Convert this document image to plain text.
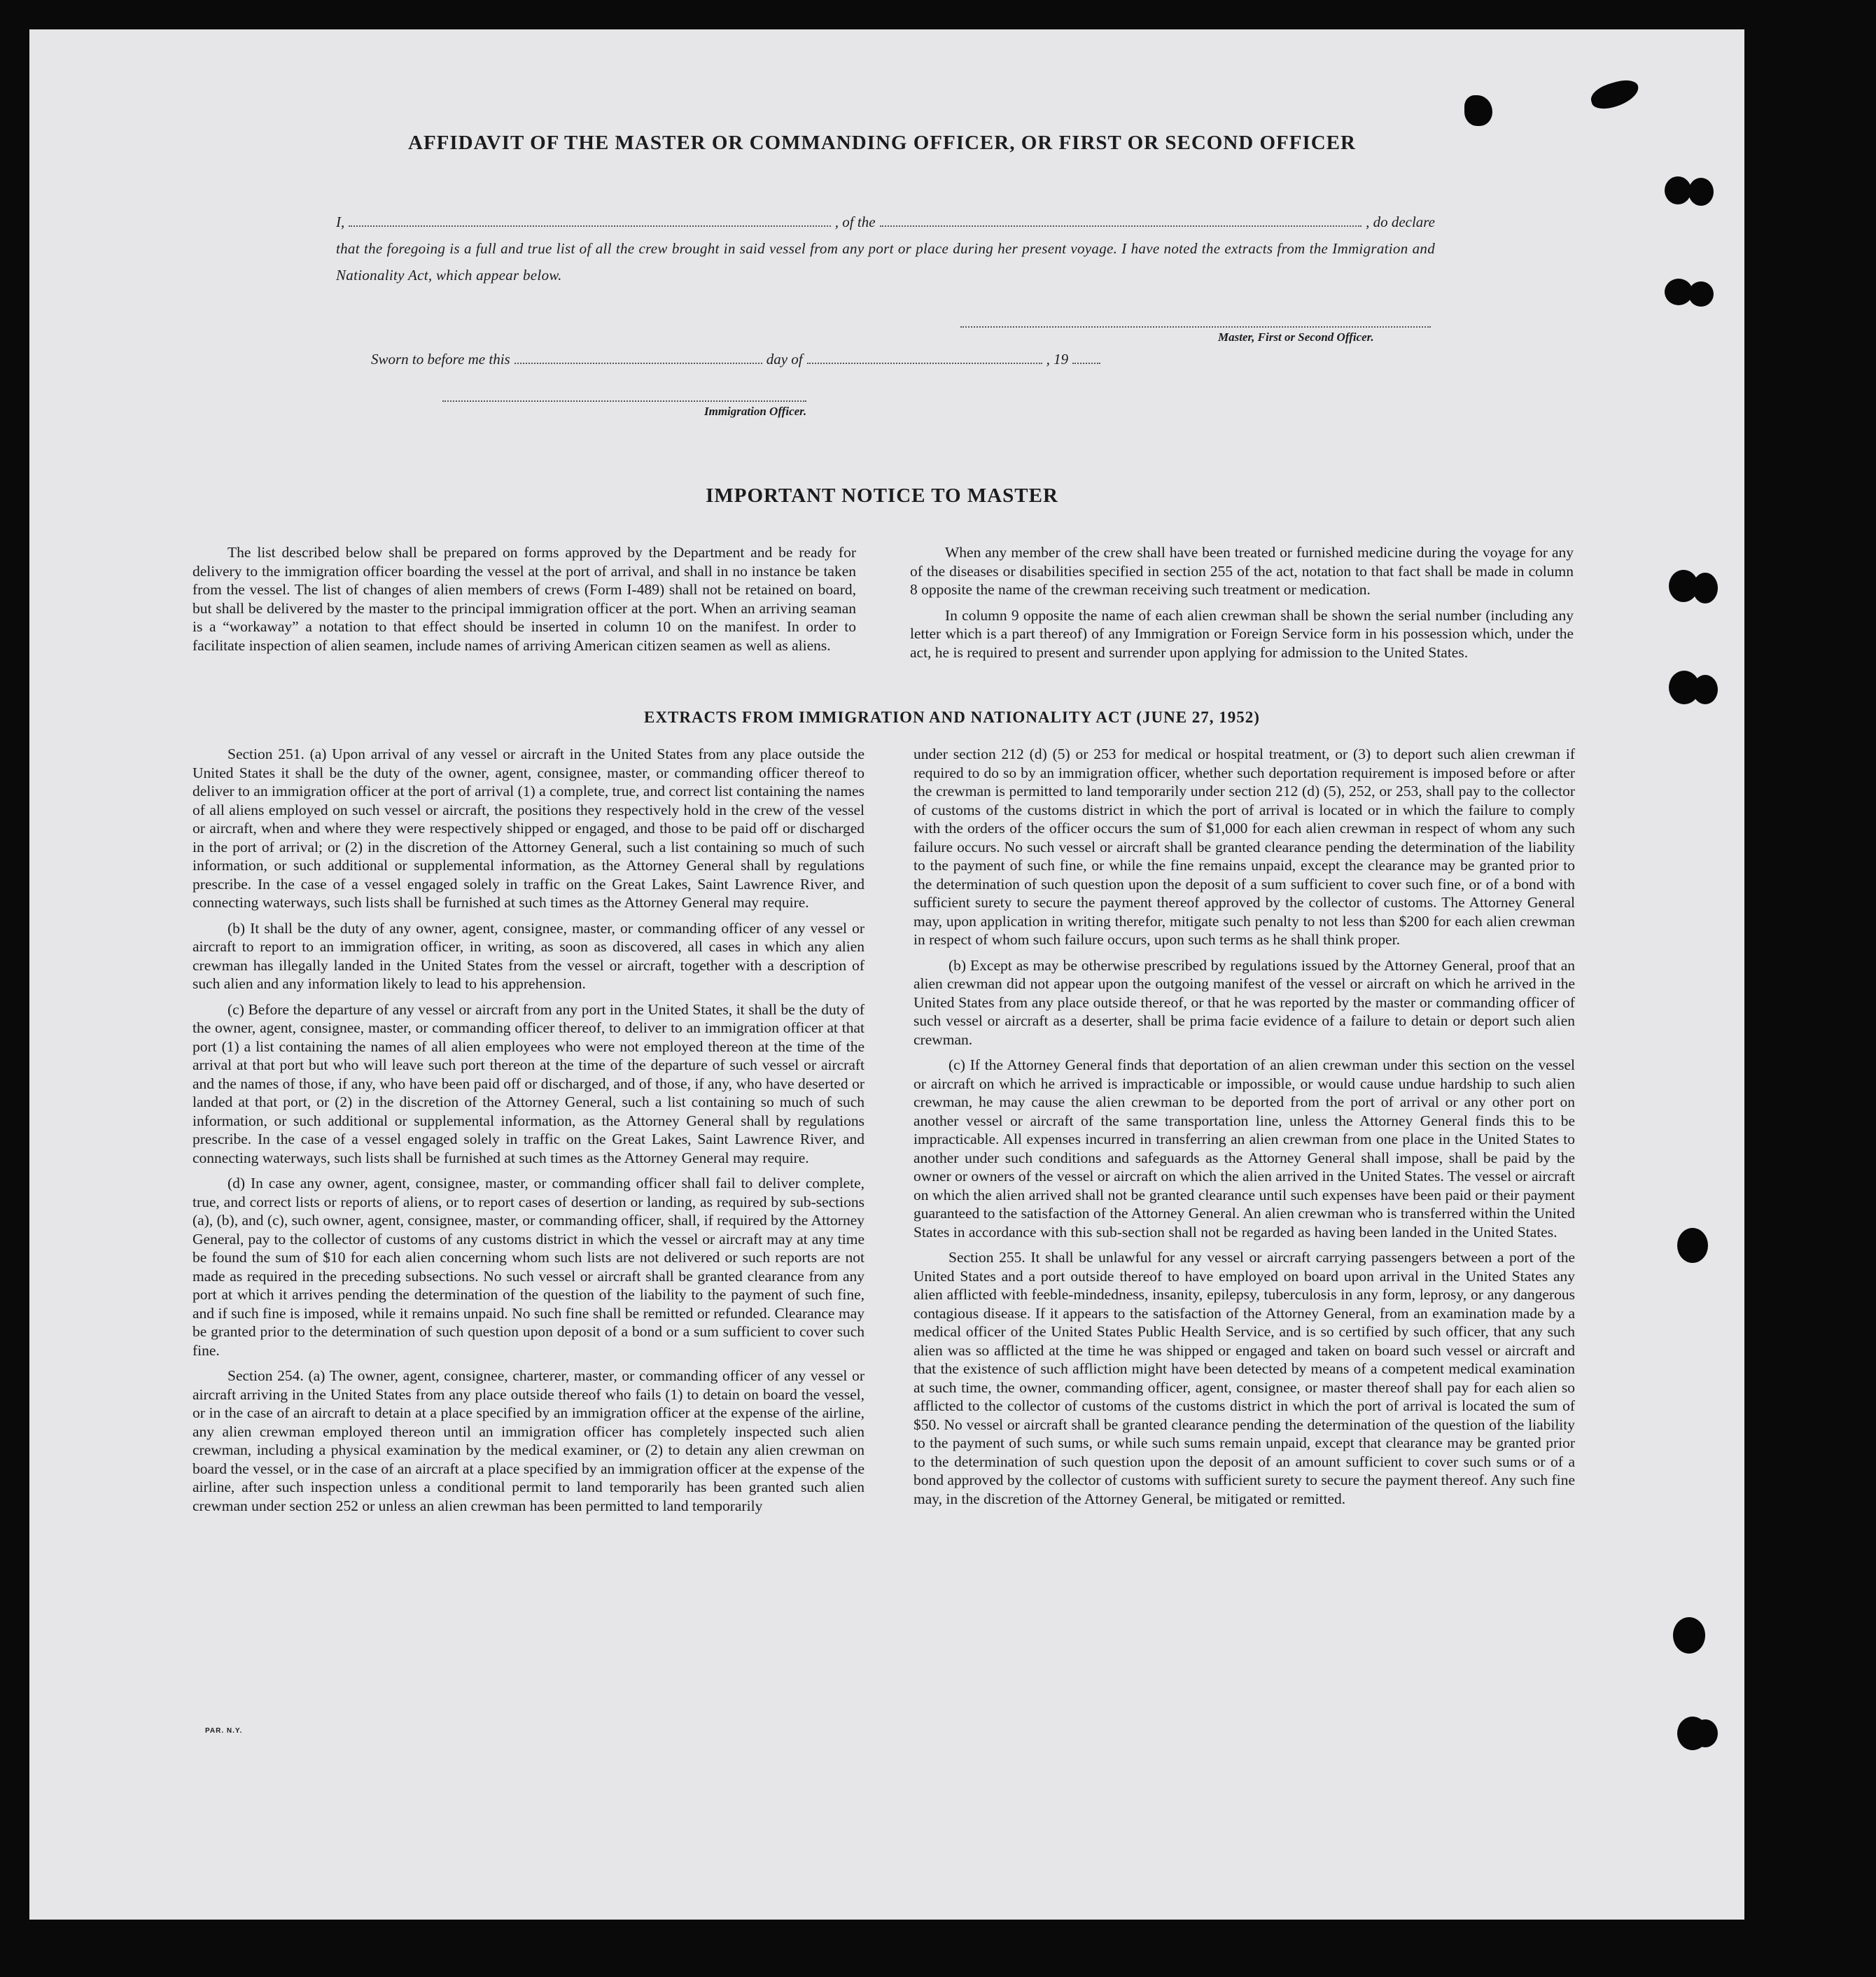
AFFIDAVIT OF THE MASTER OR COMMANDING OFFICER, OR FIRST OR SECOND OFFICER
I,	, of the	, do declare
that the foregoing is a full and true list of all the crew brought in said vessel from any port or place during her present voyage. I have noted the extracts from the Immigration and Nationality Act, which appear below.
Master, First or Second Officer.
Sworn to before me this	day of	, 19
Immigration Officer.
IMPORTANT NOTICE TO MASTER

The list described below shall be prepared on forms approved by the Department and be ready for delivery to the immigration officer boarding the vessel at the port of arrival, and shall in no instance be taken from the vessel. The list of changes of alien members of crews (Form I-489) shall not be retained on board, but shall be delivered by the master to the principal immigration officer at the port. When an arriving seaman is a “workaway” a notation to that effect should be inserted in column 10 on the manifest. In order to facilitate inspection of alien seamen, include names of arriving American citizen seamen as well as aliens.

When any member of the crew shall have been treated or furnished medicine during the voyage for any of the diseases or disabilities specified in section 255 of the act, notation to that fact shall be made in column 8 opposite the name of the crewman receiving such treatment or medication.

In column 9 opposite the name of each alien crewman shall be shown the serial number (including any letter which is a part thereof) of any Immigration or Foreign Service form in his possession which, under the act, he is required to present and surrender upon applying for admission to the United States.

EXTRACTS FROM IMMIGRATION AND NATIONALITY ACT (JUNE 27, 1952)

Section 251. (a) Upon arrival of any vessel or aircraft in the United States from any place outside the United States it shall be the duty of the owner, agent, consignee, master, or commanding officer thereof to deliver to an immigration officer at the port of arrival (1) a complete, true, and correct list containing the names of all aliens employed on such vessel or aircraft, the positions they respectively hold in the crew of the vessel or aircraft, when and where they were respectively shipped or engaged, and those to be paid off or discharged in the port of arrival; or (2) in the discretion of the Attorney General, such a list containing so much of such information, or such additional or supplemental information, as the Attorney General shall by regulations prescribe. In the case of a vessel engaged solely in traffic on the Great Lakes, Saint Lawrence River, and connecting waterways, such lists shall be furnished at such times as the Attorney General may require.

(b) It shall be the duty of any owner, agent, consignee, master, or commanding officer of any vessel or aircraft to report to an immigration officer, in writing, as soon as discovered, all cases in which any alien crewman has illegally landed in the United States from the vessel or aircraft, together with a description of such alien and any information likely to lead to his apprehension.

(c) Before the departure of any vessel or aircraft from any port in the United States, it shall be the duty of the owner, agent, consignee, master, or commanding officer thereof, to deliver to an immigration officer at that port (1) a list containing the names of all alien employees who were not employed thereon at the time of the arrival at that port but who will leave such port thereon at the time of the departure of such vessel or aircraft and the names of those, if any, who have been paid off or discharged, and of those, if any, who have deserted or landed at that port, or (2) in the discretion of the Attorney General, such a list containing so much of such information, or such additional or supplemental information, as the Attorney General shall by regulations prescribe. In the case of a vessel engaged solely in traffic on the Great Lakes, Saint Lawrence River, and connecting waterways, such lists shall be furnished at such times as the Attorney General may require.

(d) In case any owner, agent, consignee, master, or commanding officer shall fail to deliver complete, true, and correct lists or reports of aliens, or to report cases of desertion or landing, as required by sub-sections (a), (b), and (c), such owner, agent, consignee, master, or commanding officer, shall, if required by the Attorney General, pay to the collector of customs of any customs district in which the vessel or aircraft may at any time be found the sum of $10 for each alien concerning whom such lists are not delivered or such reports are not made as required in the preceding subsections. No such vessel or aircraft shall be granted clearance from any port at which it arrives pending the determination of the question of the liability to the payment of such fine, and if such fine is imposed, while it remains unpaid. No such fine shall be remitted or refunded. Clearance may be granted prior to the determination of such question upon deposit of a bond or a sum sufficient to cover such fine.

Section 254. (a) The owner, agent, consignee, charterer, master, or commanding officer of any vessel or aircraft arriving in the United States from any place outside thereof who fails (1) to detain on board the vessel, or in the case of an aircraft to detain at a place specified by an immigration officer at the expense of the airline, any alien crewman employed thereon until an immigration officer has completely inspected such alien crewman, including a physical examination by the medical examiner, or (2) to detain any alien crewman on board the vessel, or in the case of an aircraft at a place specified by an immigration officer at the expense of the airline, after such inspection unless a conditional permit to land temporarily has been granted such alien crewman under section 252 or unless an alien crewman has been permitted to land temporarily

under section 212 (d) (5) or 253 for medical or hospital treatment, or (3) to deport such alien crewman if required to do so by an immigration officer, whether such deportation requirement is imposed before or after the crewman is permitted to land temporarily under section 212 (d) (5), 252, or 253, shall pay to the collector of customs of the customs district in which the port of arrival is located or in which the failure to comply with the orders of the officer occurs the sum of $1,000 for each alien crewman in respect of whom any such failure occurs. No such vessel or aircraft shall be granted clearance pending the determination of the liability to the payment of such fine, or while the fine remains unpaid, except the clearance may be granted prior to the determination of such question upon the deposit of a sum sufficient to cover such fine, or of a bond with sufficient surety to secure the payment thereof approved by the collector of customs. The Attorney General may, upon application in writing therefor, mitigate such penalty to not less than $200 for each alien crewman in respect of whom such failure occurs, upon such terms as he shall think proper.

(b) Except as may be otherwise prescribed by regulations issued by the Attorney General, proof that an alien crewman did not appear upon the outgoing manifest of the vessel or aircraft on which he arrived in the United States from any place outside thereof, or that he was reported by the master or commanding officer of such vessel or aircraft as a deserter, shall be prima facie evidence of a failure to detain or deport such alien crewman.

(c) If the Attorney General finds that deportation of an alien crewman under this section on the vessel or aircraft on which he arrived is impracticable or impossible, or would cause undue hardship to such alien crewman, he may cause the alien crewman to be deported from the port of arrival or any other port on another vessel or aircraft of the same transportation line, unless the Attorney General finds this to be impracticable. All expenses incurred in transferring an alien crewman from one place in the United States to another under such conditions and safeguards as the Attorney General shall impose, shall be paid by the owner or owners of the vessel or aircraft on which the alien arrived in the United States. The vessel or aircraft on which the alien arrived shall not be granted clearance until such expenses have been paid or their payment guaranteed to the satisfaction of the Attorney General. An alien crewman who is transferred within the United States in accordance with this sub-section shall not be regarded as having been landed in the United States.

Section 255. It shall be unlawful for any vessel or aircraft carrying passengers between a port of the United States and a port outside thereof to have employed on board upon arrival in the United States any alien afflicted with feeble-mindedness, insanity, epilepsy, tuberculosis in any form, leprosy, or any dangerous contagious disease. If it appears to the satisfaction of the Attorney General, from an examination made by a medical officer of the United States Public Health Service, and is so certified by such officer, that any such alien was so afflicted at the time he was shipped or engaged and taken on board such vessel or aircraft and that the existence of such affliction might have been detected by means of a competent medical examination at such time, the owner, commanding officer, agent, consignee, or master thereof shall pay for each alien so afflicted to the collector of customs of the customs district in which the port of arrival is located the sum of $50. No vessel or aircraft shall be granted clearance pending the determination of the question of the liability to the payment of such sums, or while such sums remain unpaid, except that clearance may be granted prior to the determination of such question upon the deposit of an amount sufficient to cover such sums or of a bond approved by the collector of customs with sufficient surety to secure the payment thereof. Any such fine may, in the discretion of the Attorney General, be mitigated or remitted.

PAR. N.Y.
